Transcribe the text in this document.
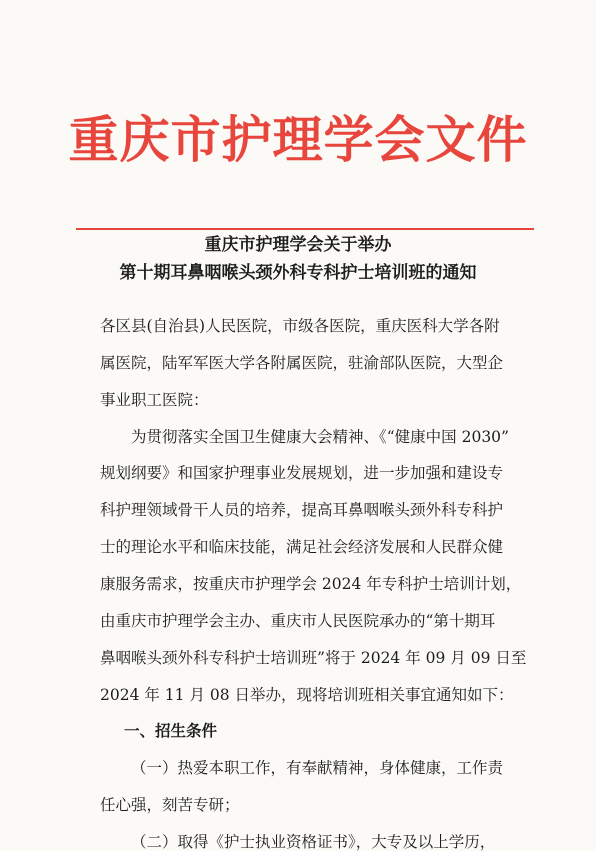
重庆市护理学会文件
重庆市护理学会关于举办
第十期耳鼻咽喉头颈外科专科护士培训班的通知
各区县(自治县)人民医院，市级各医院，重庆医科大学各附
属医院，陆军军医大学各附属医院，驻渝部队医院，大型企
事业职工医院：
为贯彻落实全国卫生健康大会精神、《“健康中国 2030”
规划纲要》和国家护理事业发展规划，进一步加强和建设专
科护理领域骨干人员的培养，提高耳鼻咽喉头颈外科专科护
士的理论水平和临床技能，满足社会经济发展和人民群众健
康服务需求，按重庆市护理学会 2024 年专科护士培训计划，
由重庆市护理学会主办、重庆市人民医院承办的“第十期耳
鼻咽喉头颈外科专科护士培训班”将于 2024 年 09 月 09 日至
2024 年 11 月 08 日举办，现将培训班相关事宜通知如下：
一、招生条件
（一）热爱本职工作，有奉献精神，身体健康，工作责
任心强，刻苦专研；
（二）取得《护士执业资格证书》，大专及以上学历，
